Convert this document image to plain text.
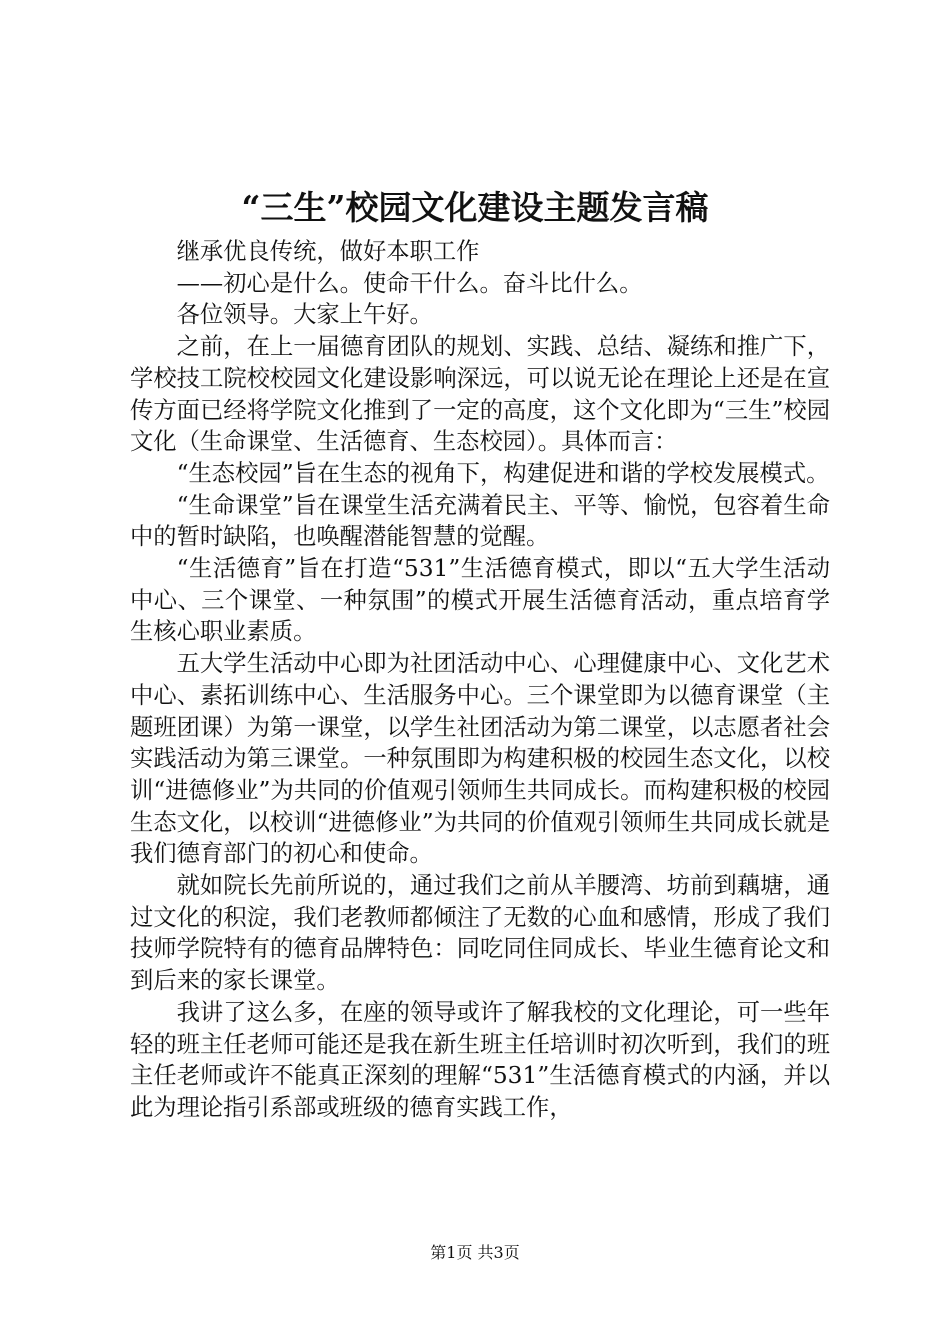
“三生”校园文化建设主题发言稿

继承优良传统，做好本职工作

——初心是什么。使命干什么。奋斗比什么。

各位领导。大家上午好。

之前，在上一届德育团队的规划、实践、总结、凝练和推广下，学校技工院校校园文化建设影响深远，可以说无论在理论上还是在宣传方面已经将学院文化推到了一定的高度，这个文化即为“三生”校园文化（生命课堂、生活德育、生态校园）。具体而言：

“生态校园”旨在生态的视角下，构建促进和谐的学校发展模式。

“生命课堂”旨在课堂生活充满着民主、平等、愉悦，包容着生命中的暂时缺陷，也唤醒潜能智慧的觉醒。

“生活德育”旨在打造“531”生活德育模式，即以“五大学生活动中心、三个课堂、一种氛围”的模式开展生活德育活动，重点培育学生核心职业素质。

五大学生活动中心即为社团活动中心、心理健康中心、文化艺术中心、素拓训练中心、生活服务中心。三个课堂即为以德育课堂（主题班团课）为第一课堂，以学生社团活动为第二课堂，以志愿者社会实践活动为第三课堂。一种氛围即为构建积极的校园生态文化，以校训“进德修业”为共同的价值观引领师生共同成长。而构建积极的校园生态文化，以校训“进德修业”为共同的价值观引领师生共同成长就是我们德育部门的初心和使命。

就如院长先前所说的，通过我们之前从羊腰湾、坊前到藕塘，通过文化的积淀，我们老教师都倾注了无数的心血和感情，形成了我们技师学院特有的德育品牌特色：同吃同住同成长、毕业生德育论文和到后来的家长课堂。

我讲了这么多，在座的领导或许了解我校的文化理论，可一些年轻的班主任老师可能还是我在新生班主任培训时初次听到，我们的班主任老师或许不能真正深刻的理解“531”生活德育模式的内涵，并以此为理论指引系部或班级的德育实践工作，

第1页 共3页
